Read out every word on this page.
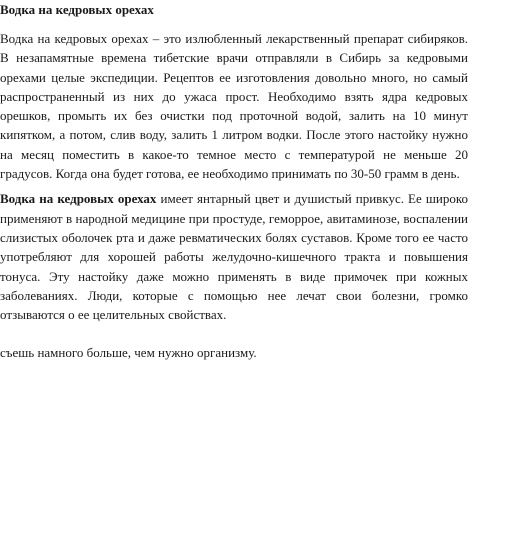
Водка на кедровых орехах

Водка на кедровых орехах – это излюбленный лекарственный препарат сибиряков. В незапамятные времена тибетские врачи отправляли в Сибирь за кедровыми орехами целые экспедиции. Рецептов ее изготовления довольно много, но самый распространенный из них до ужаса прост. Необходимо взять ядра кедровых орешков, промыть их без очистки под проточной водой, залить на 10 минут кипятком, а потом, слив воду, залить 1 литром водки. После этого настойку нужно на месяц поместить в какое-то темное место с температурой не меньше 20 градусов. Когда она будет готова, ее необходимо принимать по 30-50 грамм в день.

Водка на кедровых орехах имеет янтарный цвет и душистый привкус. Ее широко применяют в народной медицине при простуде, геморрое, авитаминозе, воспалении слизистых оболочек рта и даже ревматических болях суставов. Кроме того ее часто употребляют для хорошей работы желудочно-кишечного тракта и повышения тонуса. Эту настойку даже можно применять в виде примочек при кожных заболеваниях. Люди, которые с помощью нее лечат свои болезни, громко отзываются о ее целительных свойствах.

съешь намного больше, чем нужно организму.
